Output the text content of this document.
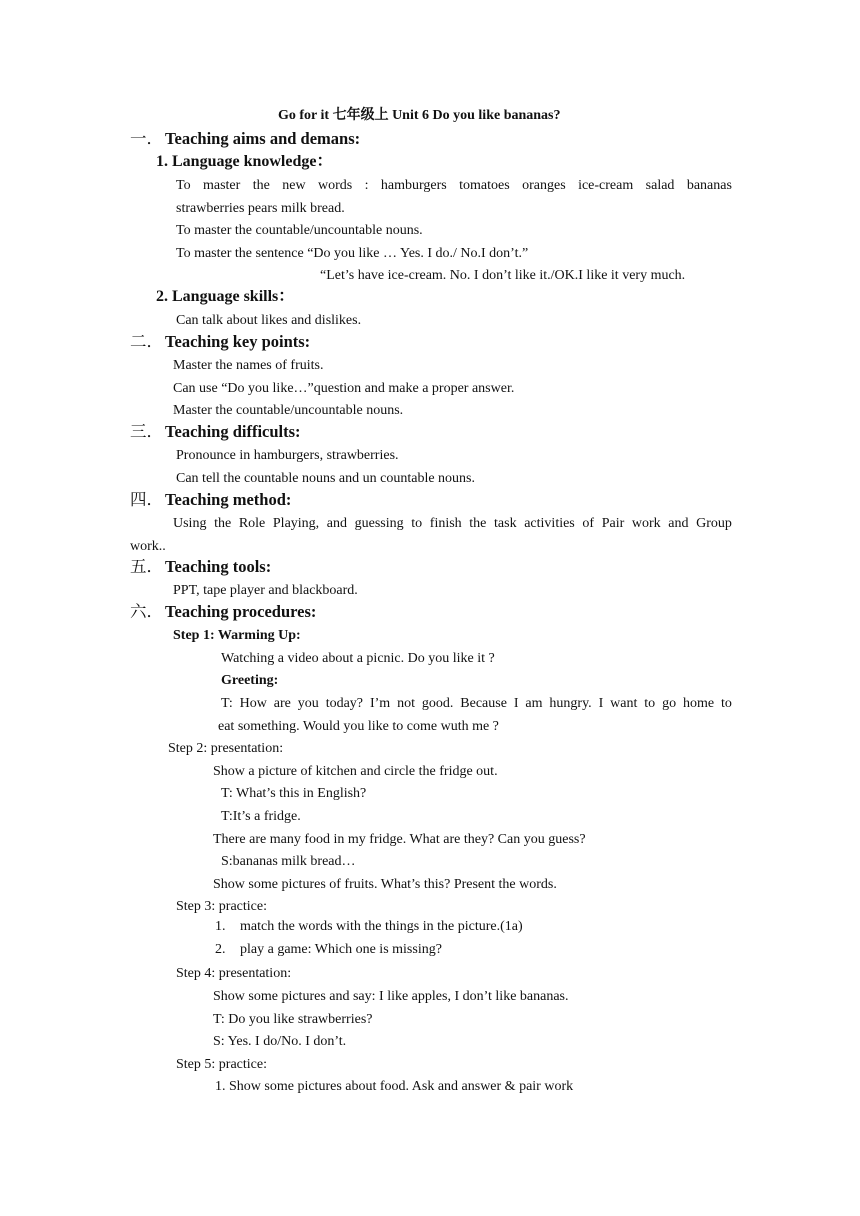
Go for it 七年级上 Unit 6 Do you like bananas?
一． Teaching aims and demans:
1. Language knowledge：
To master the new words : hamburgers tomatoes oranges ice-cream salad bananas
strawberries pears milk bread.
To master the countable/uncountable nouns.
To master the sentence “Do you like … Yes. I do./ No.I don’t.”
“Let’s have ice-cream. No. I don’t like it./OK.I like it very much.
2. Language skills：
Can talk about likes and dislikes.
二． Teaching key points:
Master the names of fruits.
Can use “Do you like…”question and make a proper answer.
Master the countable/uncountable nouns.
三． Teaching difficults:
Pronounce in hamburgers, strawberries.
Can tell the countable nouns and un countable nouns.
四． Teaching method:
Using the Role Playing, and guessing to finish the task activities of Pair work and Group
work..
五． Teaching tools:
PPT, tape player and blackboard.
六． Teaching procedures:
Step 1: Warming Up:
Watching a video about a picnic. Do you like it ?
Greeting:
T: How are you today? I’m not good. Because I am hungry. I want to go home to
eat something. Would you like to come wuth me ?
Step 2: presentation:
Show a picture of kitchen and circle the fridge out.
T: What’s this in English?
T:It’s a fridge.
There are many food in my fridge. What are they? Can you guess?
S:bananas milk bread…
Show some pictures of fruits. What’s this? Present the words.
Step 3: practice:
1. match the words with the things in the picture.(1a)
2. play a game: Which one is missing?
Step 4: presentation:
Show some pictures and say: I like apples, I don’t like bananas.
T: Do you like strawberries?
S: Yes. I do/No. I don’t.
Step 5: practice:
1. Show some pictures about food. Ask and answer & pair work
